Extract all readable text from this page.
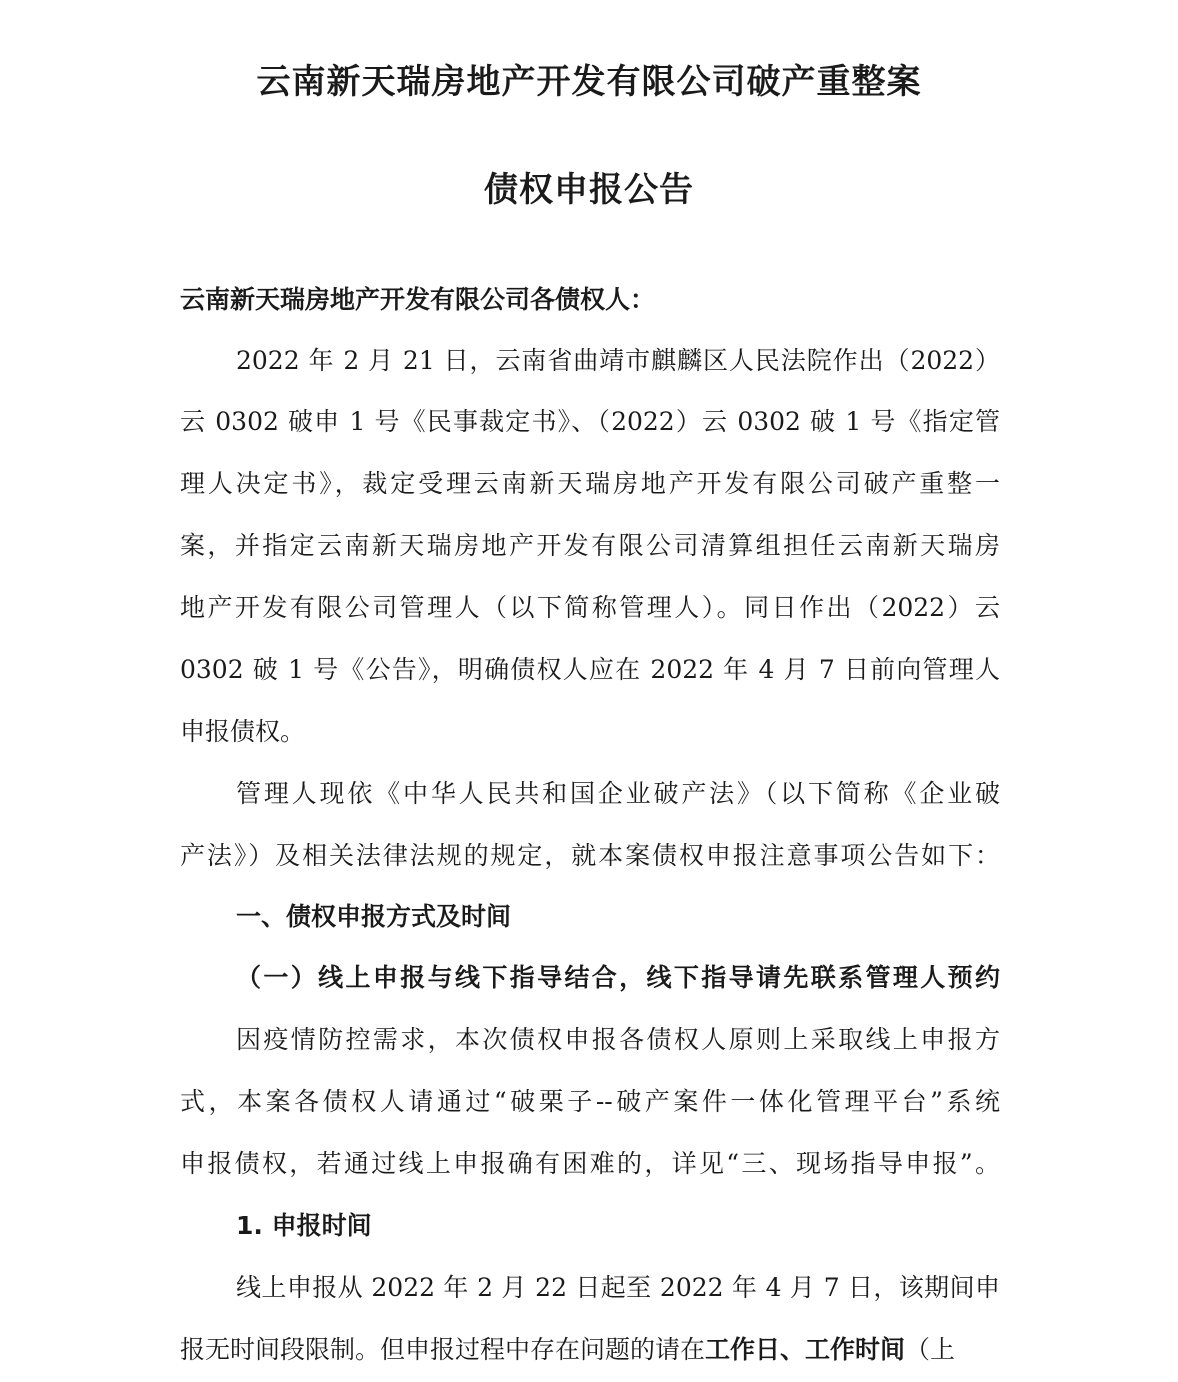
云南新天瑞房地产开发有限公司破产重整案
债权申报公告

云南新天瑞房地产开发有限公司各债权人：

2022 年 2 月 21 日，云南省曲靖市麒麟区人民法院作出（2022）

云 0302 破申 1 号《民事裁定书》、（2022）云 0302 破 1 号《指定管

理人决定书》，裁定受理云南新天瑞房地产开发有限公司破产重整一

案，并指定云南新天瑞房地产开发有限公司清算组担任云南新天瑞房

地产开发有限公司管理人（以下简称管理人）。同日作出（2022）云

0302 破 1 号《公告》，明确债权人应在 2022 年 4 月 7 日前向管理人

申报债权。

管理人现依《中华人民共和国企业破产法》（以下简称《企业破

产法》）及相关法律法规的规定，就本案债权申报注意事项公告如下：

一、债权申报方式及时间

（一）线上申报与线下指导结合，线下指导请先联系管理人预约

因疫情防控需求，本次债权申报各债权人原则上采取线上申报方

式，本案各债权人请通过“破栗子--破产案件一体化管理平台”系统

申报债权，若通过线上申报确有困难的，详见“三、现场指导申报”。

1. 申报时间

线上申报从 2022 年 2 月 22 日起至 2022 年 4 月 7 日，该期间申

报无时间段限制。但申报过程中存在问题的请在工作日、工作时间（上
